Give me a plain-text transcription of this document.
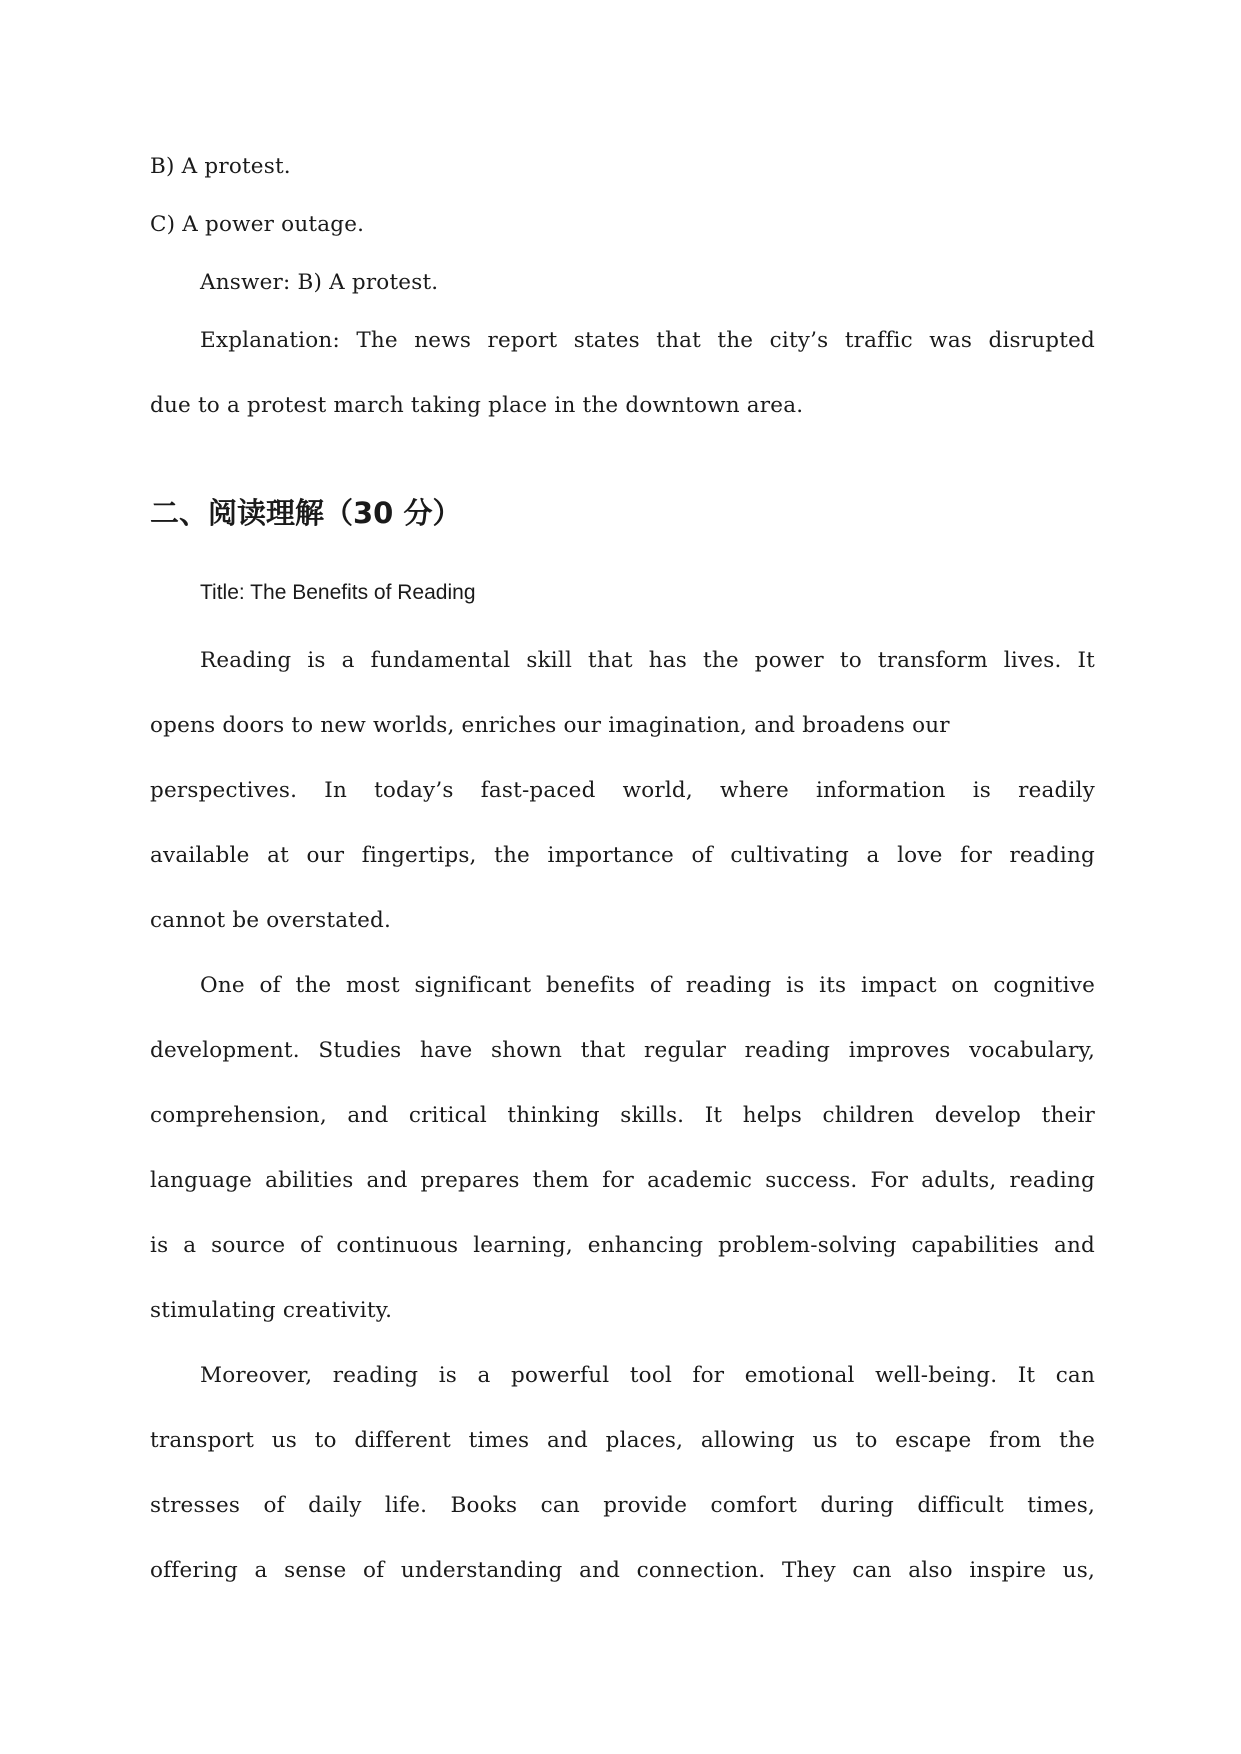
B) A protest.
C) A power outage.
Answer: B) A protest.
Explanation: The news report states that the city’s traffic was disrupted
due to a protest march taking place in the downtown area.
二、阅读理解（30 分）
Title: The Benefits of Reading
Reading is a fundamental skill that has the power to transform lives. It
opens doors to new worlds, enriches our imagination, and broadens our
perspectives. In today’s fast-paced world, where information is readily
available at our fingertips, the importance of cultivating a love for reading
cannot be overstated.
One of the most significant benefits of reading is its impact on cognitive
development. Studies have shown that regular reading improves vocabulary,
comprehension, and critical thinking skills. It helps children develop their
language abilities and prepares them for academic success. For adults, reading
is a source of continuous learning, enhancing problem-solving capabilities and
stimulating creativity.
Moreover, reading is a powerful tool for emotional well-being. It can
transport us to different times and places, allowing us to escape from the
stresses of daily life. Books can provide comfort during difficult times,
offering a sense of understanding and connection. They can also inspire us,
